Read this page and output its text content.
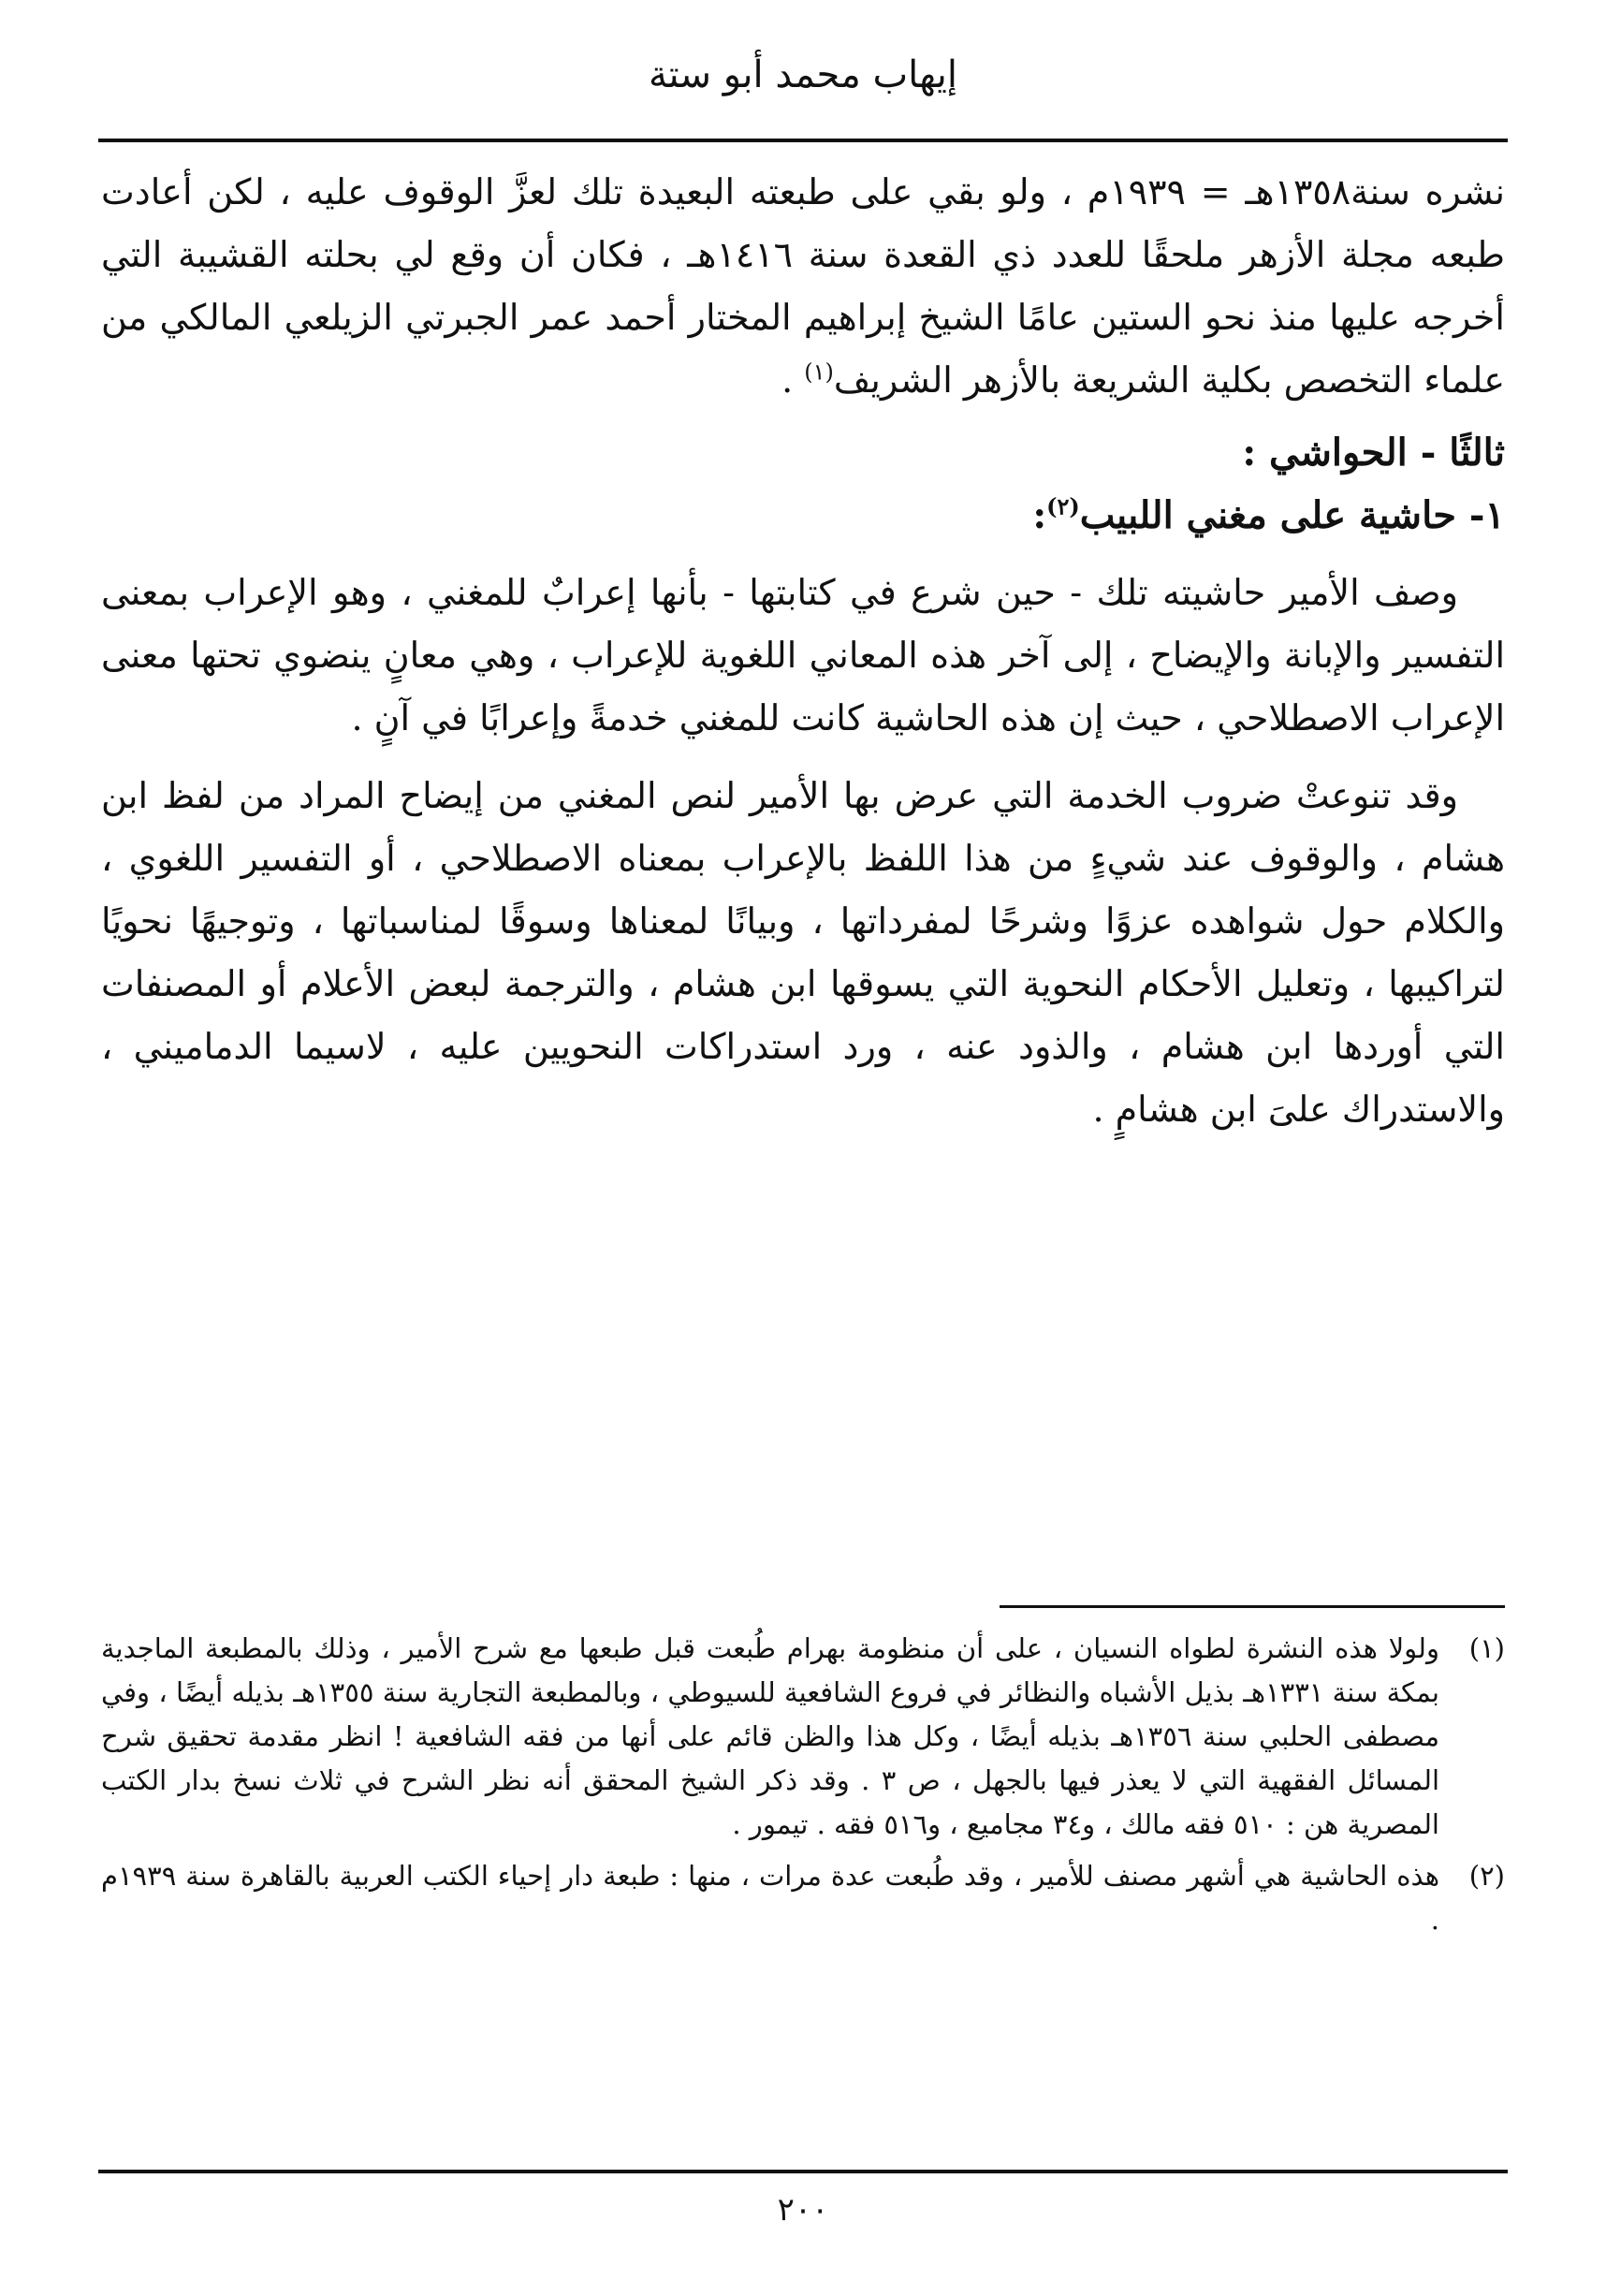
إيهاب محمد أبو ستة

نشره سنة١٣٥٨هـ = ١٩٣٩م ، ولو بقي على طبعته البعيدة تلك لعزَّ الوقوف عليه ، لكن أعادت طبعه مجلة الأزهر ملحقًا للعدد ذي القعدة سنة ١٤١٦هـ ، فكان أن وقع لي بحلته القشيبة التي أخرجه عليها منذ نحو الستين عامًا الشيخ إبراهيم المختار أحمد عمر الجبرتي الزيلعي المالكي من علماء التخصص بكلية الشريعة بالأزهر الشريف$^{(١)}$ .

ثالثًا - الحواشي :

١- حاشية على مغني اللبيب$^{(٢)}$:

وصف الأمير حاشيته تلك - حين شرع في كتابتها - بأنها إعرابٌ للمغني ، وهو الإعراب بمعنى التفسير والإبانة والإيضاح ، إلى آخر هذه المعاني اللغوية للإعراب ، وهي معانٍ ينضوي تحتها معنى الإعراب الاصطلاحي ، حيث إن هذه الحاشية كانت للمغني خدمةً وإعرابًا في آنٍ .

وقد تنوعتْ ضروب الخدمة التي عرض بها الأمير لنص المغني من إيضاح المراد من لفظ ابن هشام ، والوقوف عند شيءٍ من هذا اللفظ بالإعراب بمعناه الاصطلاحي ، أو التفسير اللغوي ، والكلام حول شواهده عزوًا وشرحًا لمفرداتها ، وبيانًا لمعناها وسوقًا لمناسباتها ، وتوجيهًا نحويًا لتراكيبها ، وتعليل الأحكام النحوية التي يسوقها ابن هشام ، والترجمة لبعض الأعلام أو المصنفات التي أوردها ابن هشام ، والذود عنه ، ورد استدراكات النحويين عليه ، لاسيما الدماميني ، والاستدراك علىَ ابن هشامٍ .

(١)
ولولا هذه النشرة لطواه النسيان ، على أن منظومة بهرام طُبعت قبل طبعها مع شرح الأمير ، وذلك بالمطبعة الماجدية بمكة سنة ١٣٣١هـ بذيل الأشباه والنظائر في فروع الشافعية للسيوطي ، وبالمطبعة التجارية سنة ١٣٥٥هـ بذيله أيضًا ، وفي مصطفى الحلبي سنة ١٣٥٦هـ بذيله أيضًا ، وكل هذا والظن قائم على أنها من فقه الشافعية ! انظر مقدمة تحقيق شرح المسائل الفقهية التي لا يعذر فيها بالجهل ، ص ٣ . وقد ذكر الشيخ المحقق أنه نظر الشرح في ثلاث نسخ بدار الكتب المصرية هن : ٥١٠ فقه مالك ، و٣٤ مجاميع ، و٥١٦ فقه . تيمور .
(٢)
هذه الحاشية هي أشهر مصنف للأمير ، وقد طُبعت عدة مرات ، منها : طبعة دار إحياء الكتب العربية بالقاهرة سنة ١٩٣٩م .
٢٠٠
